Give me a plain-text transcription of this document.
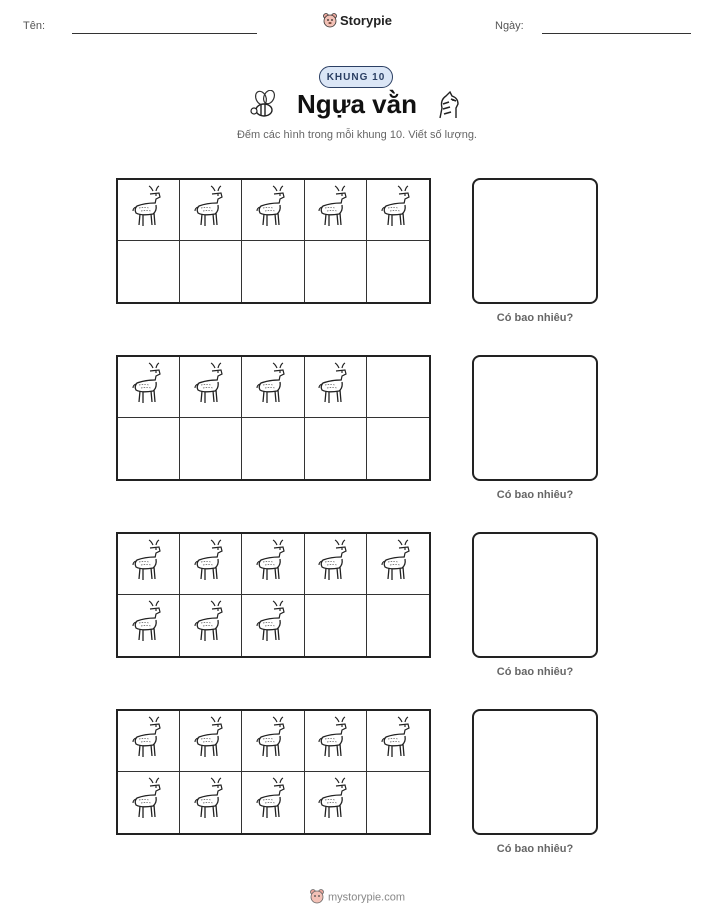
Tên:	Storypie	Ngày:
KHUNG 10
Ngựa vằn
Đếm các hình trong mỗi khung 10. Viết số lượng.
Có bao nhiêu?
Có bao nhiêu?
Có bao nhiêu?
Có bao nhiêu?
mystorypie.com
